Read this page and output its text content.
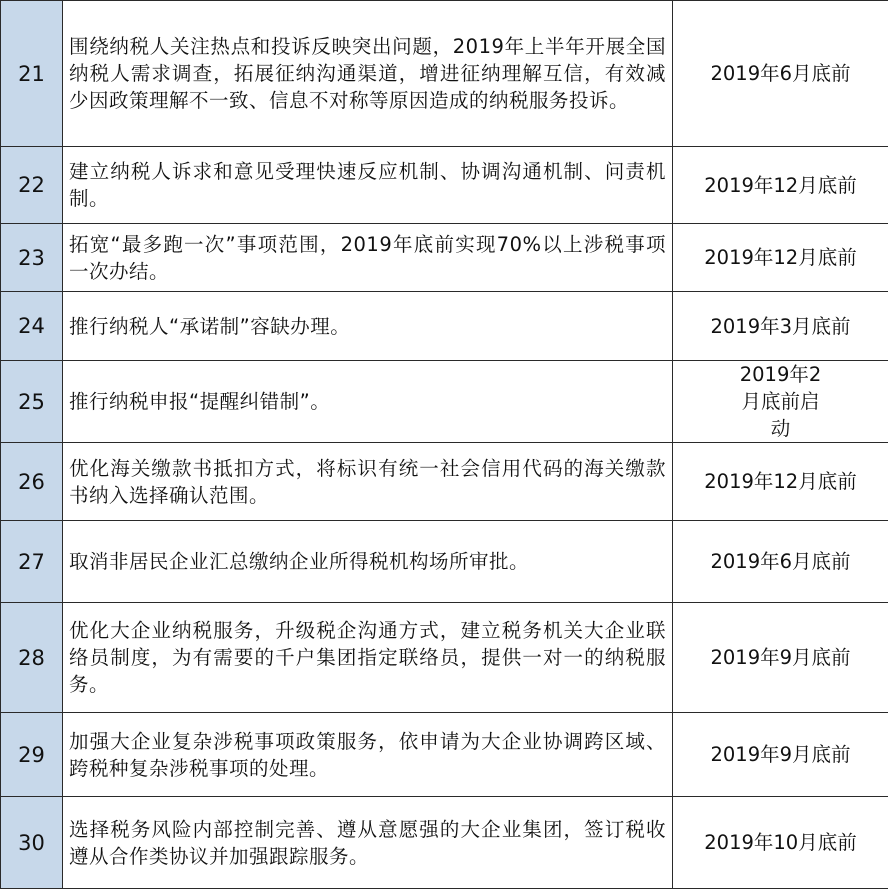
21	围绕纳税人关注热点和投诉反映突出问题，2019年上半年开展全国纳税人需求调查，拓展征纳沟通渠道，增进征纳理解互信，有效减少因政策理解不一致、信息不对称等原因造成的纳税服务投诉。	2019年6月底前
22	建立纳税人诉求和意见受理快速反应机制、协调沟通机制、问责机制。	2019年12月底前
23	拓宽“最多跑一次”事项范围，2019年底前实现70%以上涉税事项一次办结。	2019年12月底前
24	推行纳税人“承诺制”容缺办理。	2019年3月底前
25	推行纳税申报“提醒纠错制”。	2019年2月底前启动
26	优化海关缴款书抵扣方式，将标识有统一社会信用代码的海关缴款书纳入选择确认范围。	2019年12月底前
27	取消非居民企业汇总缴纳企业所得税机构场所审批。	2019年6月底前
28	优化大企业纳税服务，升级税企沟通方式，建立税务机关大企业联络员制度，为有需要的千户集团指定联络员，提供一对一的纳税服务。	2019年9月底前
29	加强大企业复杂涉税事项政策服务，依申请为大企业协调跨区域、跨税种复杂涉税事项的处理。	2019年9月底前
30	选择税务风险内部控制完善、遵从意愿强的大企业集团，签订税收遵从合作类协议并加强跟踪服务。	2019年10月底前
